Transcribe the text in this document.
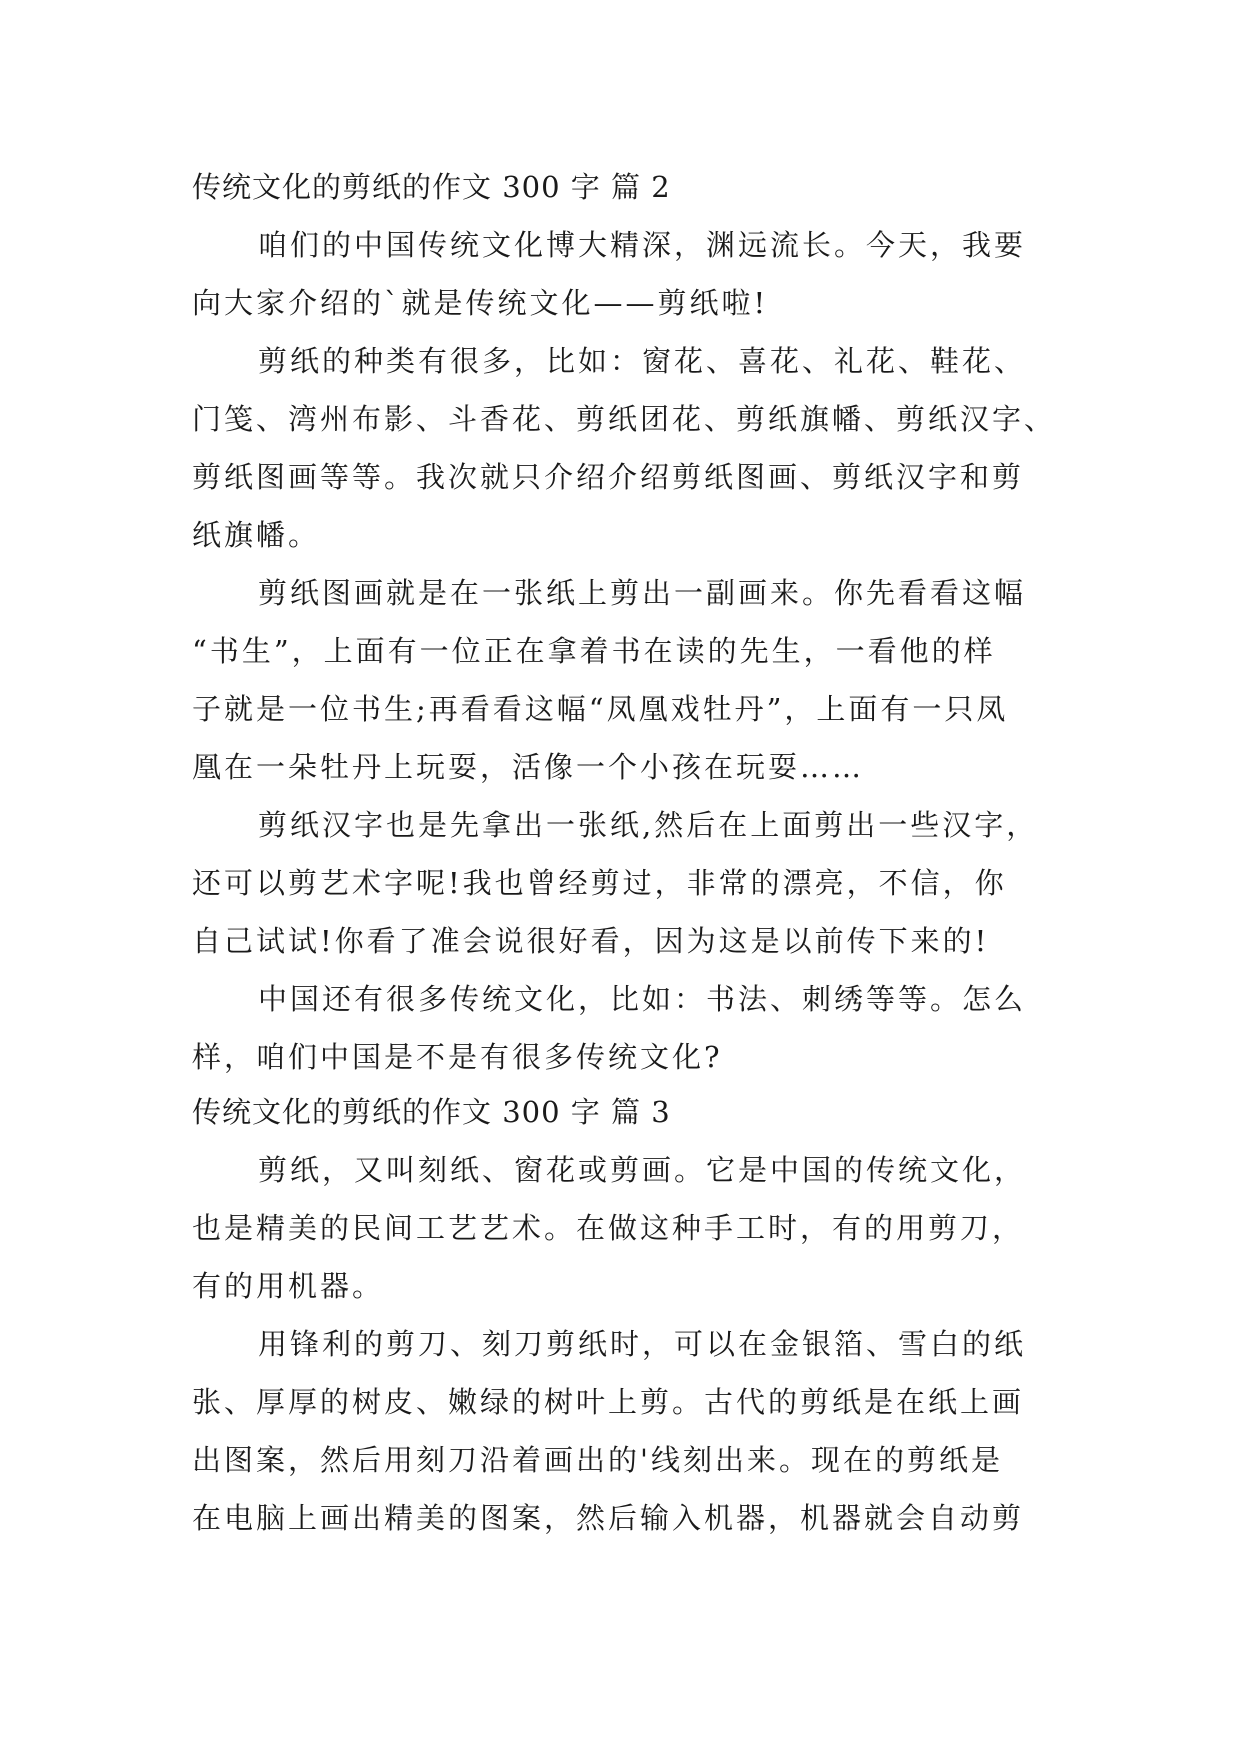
传统文化的剪纸的作文 300 字 篇 2
咱们的中国传统文化博大精深，渊远流长。今天，我要
向大家介绍的`就是传统文化——剪纸啦!
剪纸的种类有很多，比如：窗花、喜花、礼花、鞋花、
门笺、湾州布影、斗香花、剪纸团花、剪纸旗幡、剪纸汉字、
剪纸图画等等。我次就只介绍介绍剪纸图画、剪纸汉字和剪
纸旗幡。
剪纸图画就是在一张纸上剪出一副画来。你先看看这幅
“书生”，上面有一位正在拿着书在读的先生，一看他的样
子就是一位书生;再看看这幅“凤凰戏牡丹”，上面有一只凤
凰在一朵牡丹上玩耍，活像一个小孩在玩耍……
剪纸汉字也是先拿出一张纸,然后在上面剪出一些汉字，
还可以剪艺术字呢!我也曾经剪过，非常的漂亮，不信，你
自己试试!你看了准会说很好看，因为这是以前传下来的!
中国还有很多传统文化，比如：书法、刺绣等等。怎么
样，咱们中国是不是有很多传统文化?
传统文化的剪纸的作文 300 字 篇 3
剪纸，又叫刻纸、窗花或剪画。它是中国的传统文化，
也是精美的民间工艺艺术。在做这种手工时，有的用剪刀，
有的用机器。
用锋利的剪刀、刻刀剪纸时，可以在金银箔、雪白的纸
张、厚厚的树皮、嫩绿的树叶上剪。古代的剪纸是在纸上画
出图案，然后用刻刀沿着画出的'线刻出来。现在的剪纸是
在电脑上画出精美的图案，然后输入机器，机器就会自动剪
